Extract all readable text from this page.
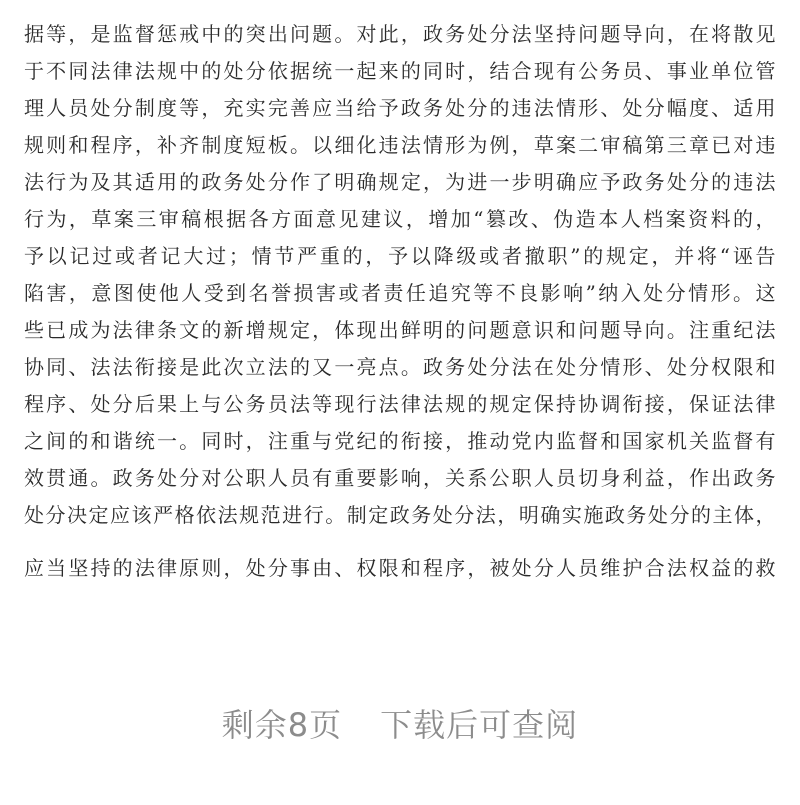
据等，是监督惩戒中的突出问题。对此，政务处分法坚持问题导向，在将散见
于不同法律法规中的处分依据统一起来的同时，结合现有公务员、事业单位管
理人员处分制度等，充实完善应当给予政务处分的违法情形、处分幅度、适用
规则和程序，补齐制度短板。以细化违法情形为例，草案二审稿第三章已对违
法行为及其适用的政务处分作了明确规定，为进一步明确应予政务处分的违法
行为，草案三审稿根据各方面意见建议，增加“篡改、伪造本人档案资料的，
予以记过或者记大过；情节严重的，予以降级或者撤职”的规定，并将“诬告
陷害，意图使他人受到名誉损害或者责任追究等不良影响”纳入处分情形。这
些已成为法律条文的新增规定，体现出鲜明的问题意识和问题导向。注重纪法
协同、法法衔接是此次立法的又一亮点。政务处分法在处分情形、处分权限和
程序、处分后果上与公务员法等现行法律法规的规定保持协调衔接，保证法律
之间的和谐统一。同时，注重与党纪的衔接，推动党内监督和国家机关监督有
效贯通。政务处分对公职人员有重要影响，关系公职人员切身利益，作出政务
处分决定应该严格依法规范进行。制定政务处分法，明确实施政务处分的主体，
应当坚持的法律原则，处分事由、权限和程序，被处分人员维护合法权益的救
剩余8页 下载后可查阅
